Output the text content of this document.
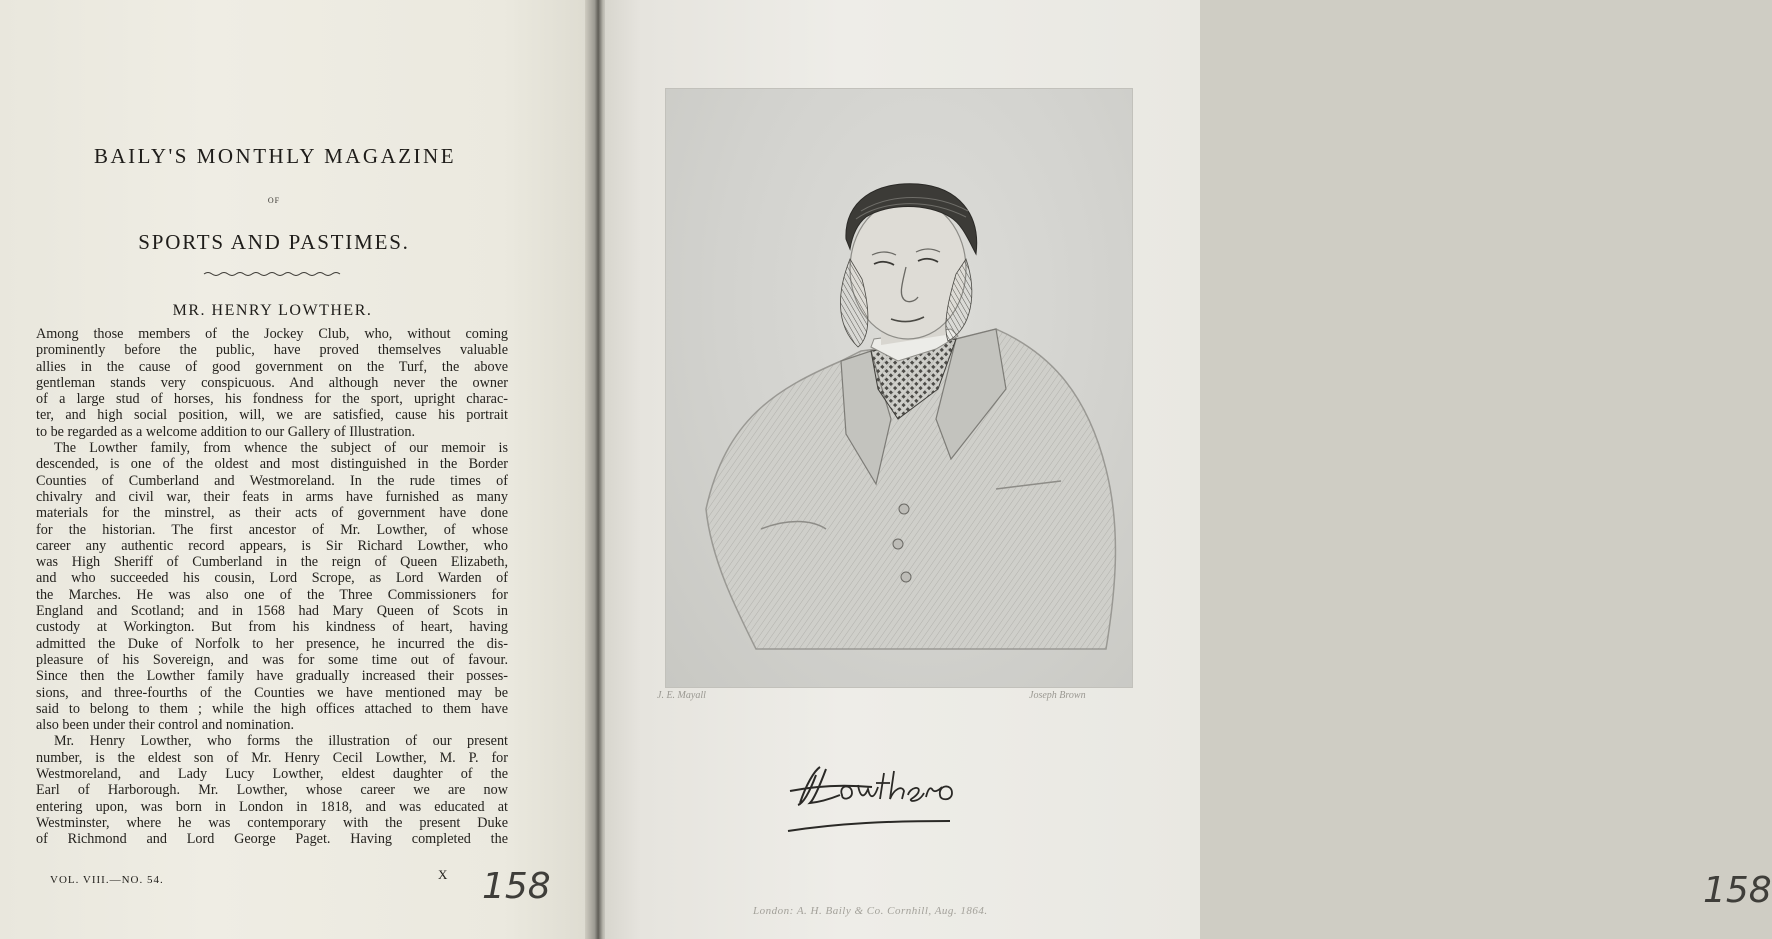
BAILY'S MONTHLY MAGAZINE
OF
SPORTS AND PASTIMES.
MR. HENRY LOWTHER.
Among those members of the Jockey Club, who, without coming
prominently before the public, have proved themselves valuable
allies in the cause of good government on the Turf, the above
gentleman stands very conspicuous. And although never the owner
of a large stud of horses, his fondness for the sport, upright charac-
ter, and high social position, will, we are satisfied, cause his portrait
to be regarded as a welcome addition to our Gallery of Illustration.
The Lowther family, from whence the subject of our memoir is
descended, is one of the oldest and most distinguished in the Border
Counties of Cumberland and Westmoreland. In the rude times of
chivalry and civil war, their feats in arms have furnished as many
materials for the minstrel, as their acts of government have done
for the historian. The first ancestor of Mr. Lowther, of whose
career any authentic record appears, is Sir Richard Lowther, who
was High Sheriff of Cumberland in the reign of Queen Elizabeth,
and who succeeded his cousin, Lord Scrope, as Lord Warden of
the Marches. He was also one of the Three Commissioners for
England and Scotland; and in 1568 had Mary Queen of Scots in
custody at Workington. But from his kindness of heart, having
admitted the Duke of Norfolk to her presence, he incurred the dis-
pleasure of his Sovereign, and was for some time out of favour.
Since then the Lowther family have gradually increased their posses-
sions, and three-fourths of the Counties we have mentioned may be
said to belong to them ; while the high offices attached to them have
also been under their control and nomination.
Mr. Henry Lowther, who forms the illustration of our present
number, is the eldest son of Mr. Henry Cecil Lowther, M. P. for
Westmoreland, and Lady Lucy Lowther, eldest daughter of the
Earl of Harborough. Mr. Lowther, whose career we are now
entering upon, was born in London in 1818, and was educated at
Westminster, where he was contemporary with the present Duke
of Richmond and Lord George Paget. Having completed the
VOL. VIII.—NO. 54.	X 158
J. E. Mayall	Joseph Brown
London: A. H. Baily & Co. Cornhill, Aug. 1864.	158
